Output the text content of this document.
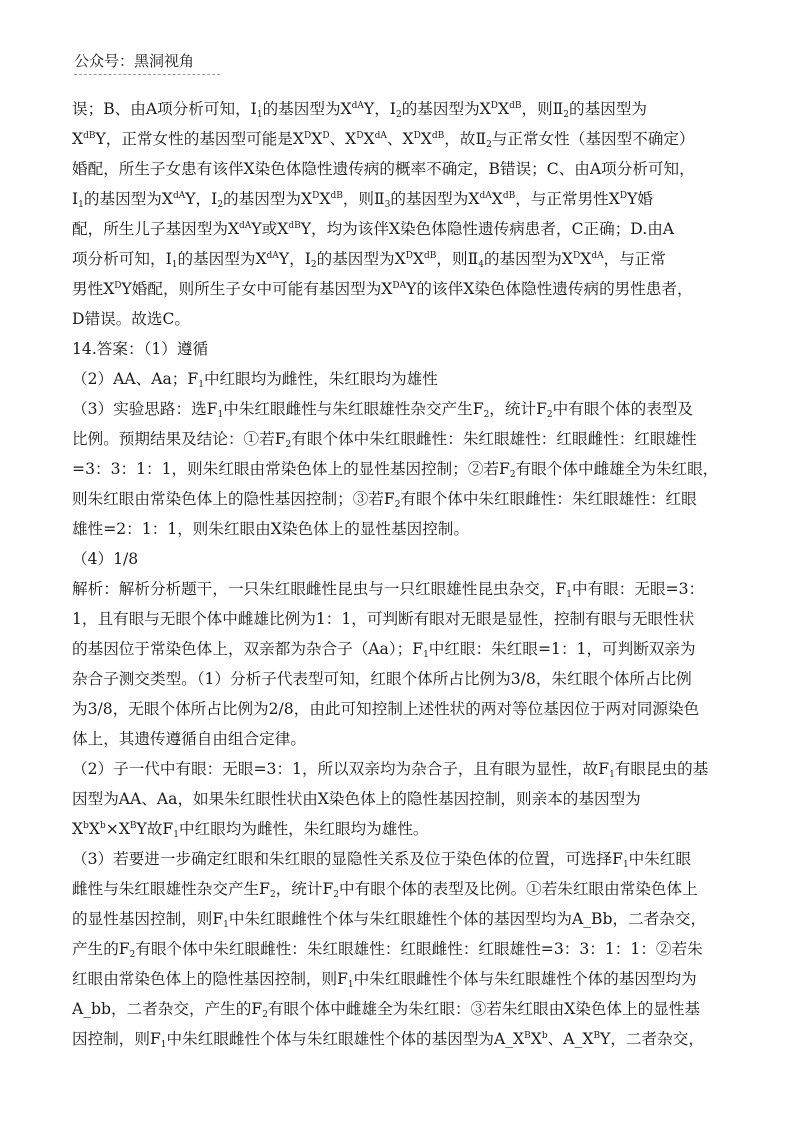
公众号：黑洞视角
误；B、由A项分析可知，$Ⅰ_1$的基因型为$X^{dA}Y$，$Ⅰ_2$的基因型为$X^DX^{dB}$，则$Ⅱ_2$的基因型为
$X^{dB}Y$，正常女性的基因型可能是$X^DX^D$、$X^DX^{dA}$、$X^DX^{dB}$，故$Ⅱ_2$与正常女性（基因型不确定）
婚配，所生子女患有该伴X染色体隐性遗传病的概率不确定，B错误；C、由A项分析可知，
$Ⅰ_1$的基因型为$X^{dA}Y$，$Ⅰ_2$的基因型为$X^DX^{dB}$，则$Ⅱ_3$的基因型为$X^{dA}X^{dB}$，与正常男性$X^DY$婚
配，所生儿子基因型为$X^{dA}Y$或$X^{dB}Y$，均为该伴X染色体隐性遗传病患者，C正确；D.由A
项分析可知，$Ⅰ_1$的基因型为$X^{dA}Y$，$Ⅰ_2$的基因型为$X^DX^{dB}$，则$Ⅱ_4$的基因型为$X^DX^{dA}$，与正常
男性$X^DY$婚配，则所生子女中可能有基因型为$X^{DA}Y$的该伴X染色体隐性遗传病的男性患者，
D错误。故选C。
14.答案：（1）遵循
（2）AA、Aa；$F_1$中红眼均为雌性，朱红眼均为雄性
（3）实验思路：选$F_1$中朱红眼雌性与朱红眼雄性杂交产生$F_2$，统计$F_2$中有眼个体的表型及
比例。预期结果及结论：①若$F_2$有眼个体中朱红眼雌性：朱红眼雄性：红眼雌性：红眼雄性
=3：3：1：1，则朱红眼由常染色体上的显性基因控制；②若$F_2$有眼个体中雌雄全为朱红眼，
则朱红眼由常染色体上的隐性基因控制；③若$F_2$有眼个体中朱红眼雌性：朱红眼雄性：红眼
雄性=2：1：1，则朱红眼由X染色体上的显性基因控制。
（4）1/8
解析：解析分析题干，一只朱红眼雌性昆虫与一只红眼雄性昆虫杂交，$F_1$中有眼：无眼=3：
1，且有眼与无眼个体中雌雄比例为1：1，可判断有眼对无眼是显性，控制有眼与无眼性状
的基因位于常染色体上，双亲都为杂合子（Aa）；$F_1$中红眼：朱红眼=1：1，可判断双亲为
杂合子测交类型。（1）分析子代表型可知，红眼个体所占比例为3/8，朱红眼个体所占比例
为3/8，无眼个体所占比例为2/8，由此可知控制上述性状的两对等位基因位于两对同源染色
体上，其遗传遵循自由组合定律。
（2）子一代中有眼：无眼=3：1，所以双亲均为杂合子，且有眼为显性，故$F_1$有眼昆虫的基
因型为AA、Aa，如果朱红眼性状由X染色体上的隐性基因控制，则亲本的基因型为
$X^bX^b\times X^BY$故$F_1$中红眼均为雌性，朱红眼均为雄性。
（3）若要进一步确定红眼和朱红眼的显隐性关系及位于染色体的位置，可选择$F_1$中朱红眼
雌性与朱红眼雄性杂交产生$F_2$，统计$F_2$中有眼个体的表型及比例。①若朱红眼由常染色体上
的显性基因控制，则$F_1$中朱红眼雌性个体与朱红眼雄性个体的基因型均为A_Bb，二者杂交，
产生的$F_2$有眼个体中朱红眼雌性：朱红眼雄性：红眼雌性：红眼雄性=3：3：1：1：②若朱
红眼由常染色体上的隐性基因控制，则$F_1$中朱红眼雌性个体与朱红眼雄性个体的基因型均为
A_bb，二者杂交，产生的$F_2$有眼个体中雌雄全为朱红眼：③若朱红眼由X染色体上的显性基
因控制，则$F_1$中朱红眼雌性个体与朱红眼雄性个体的基因型为$A\_X^BX^b$、$A\_X^BY$，二者杂交，
